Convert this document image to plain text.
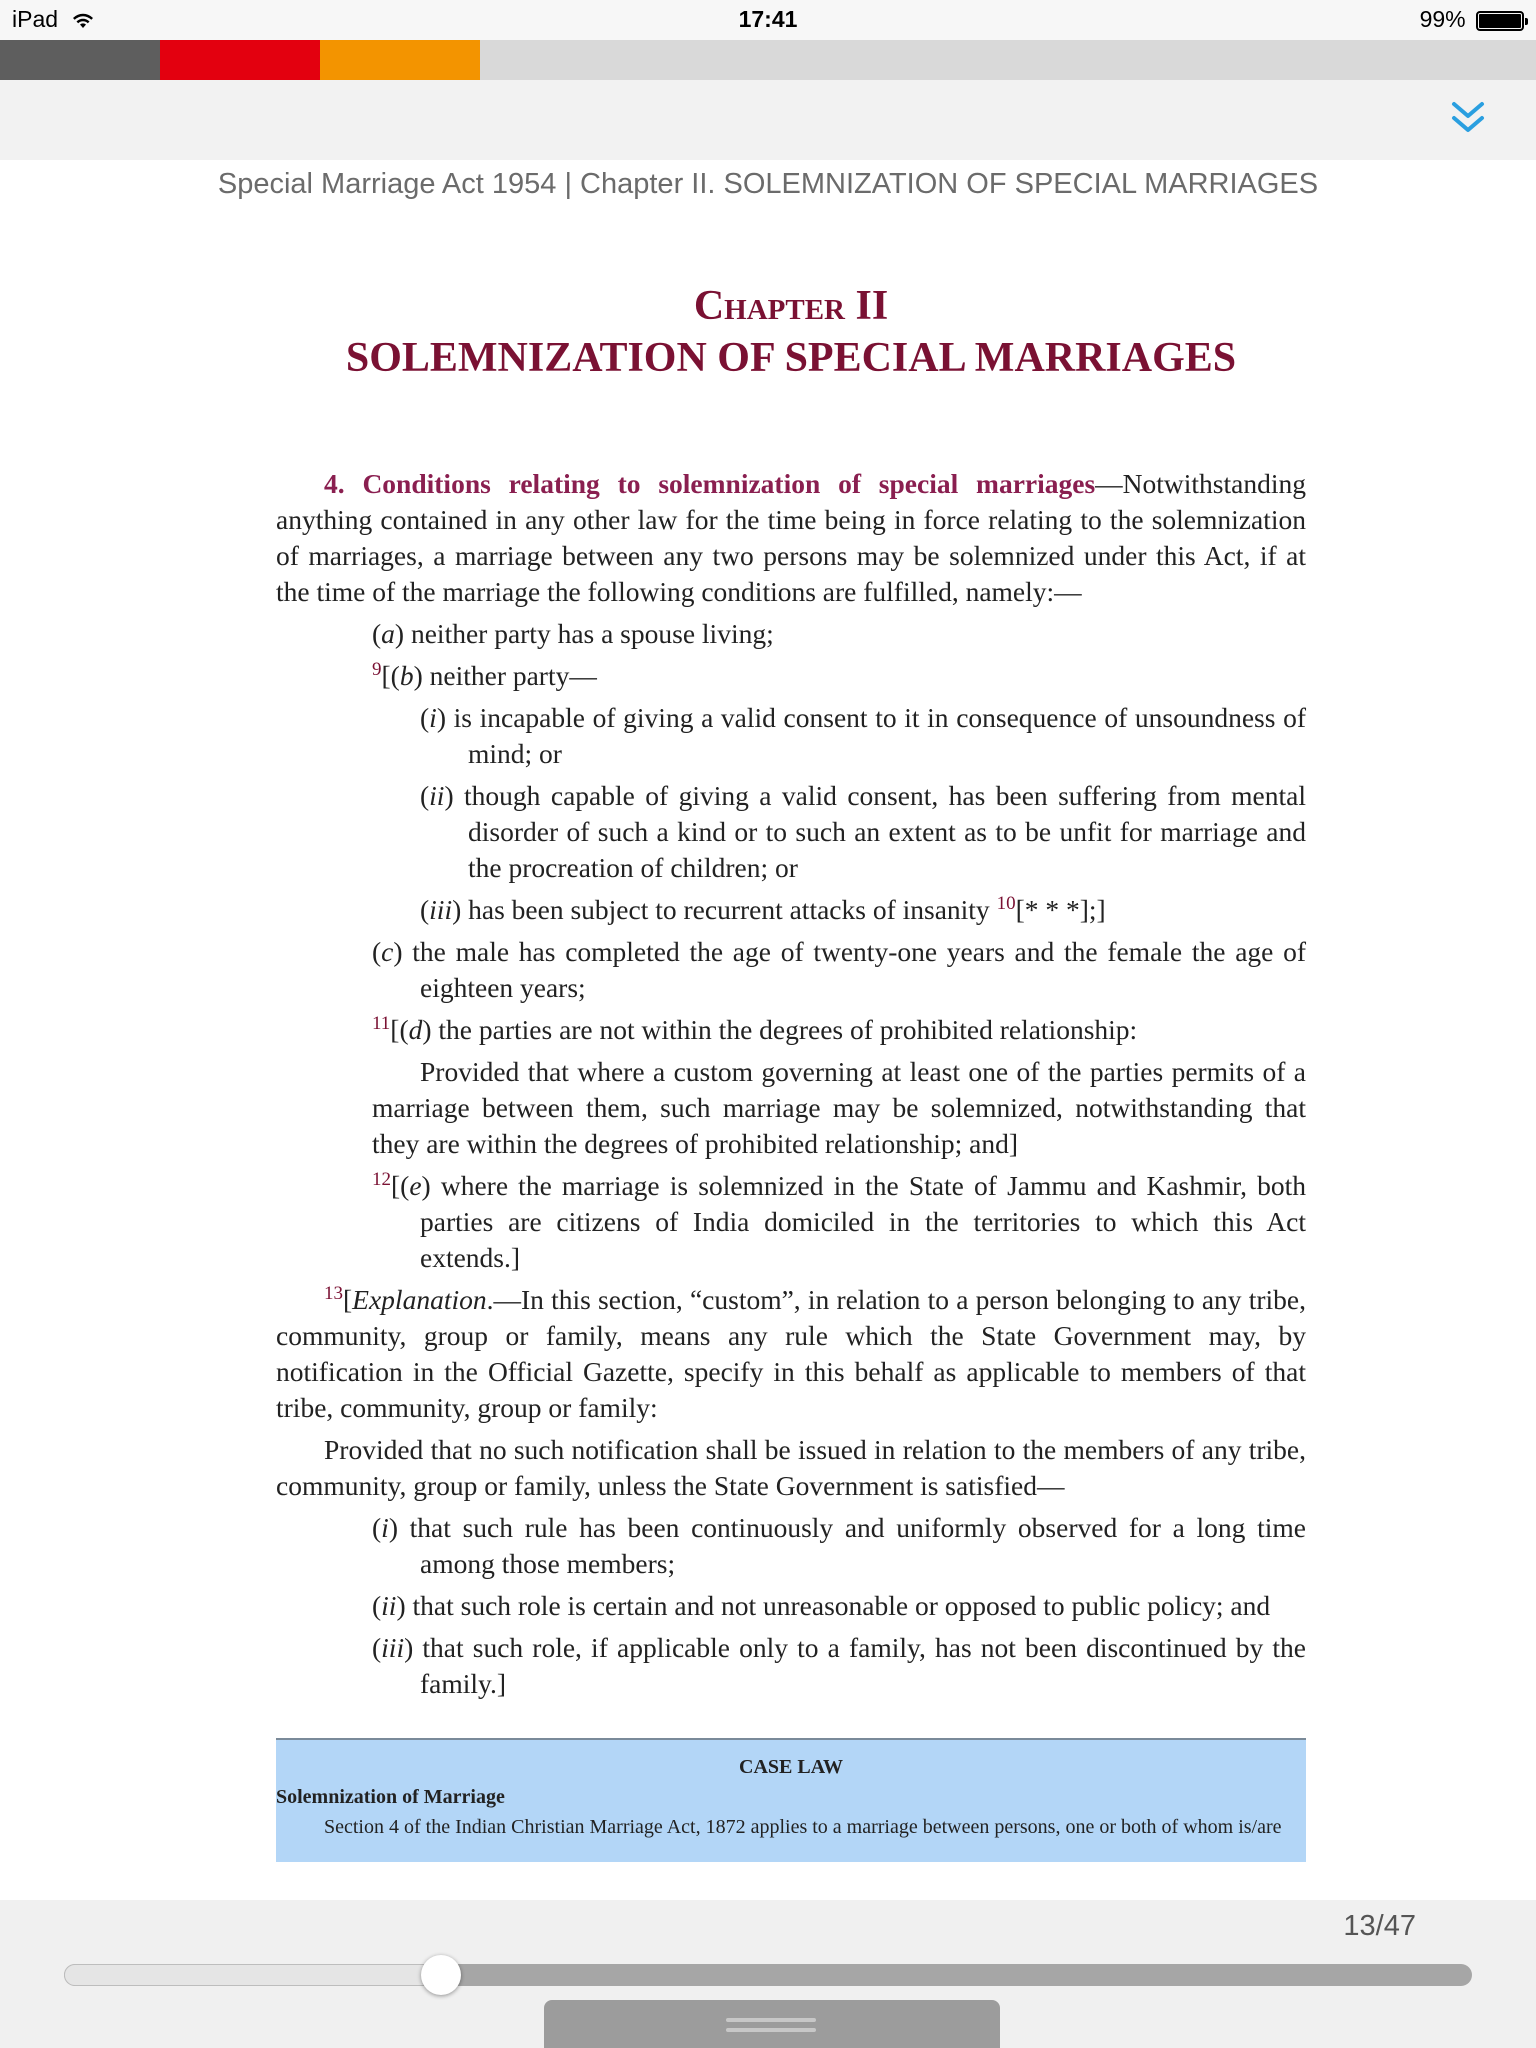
iPad	17:41	99%
Special Marriage Act 1954 | Chapter II. SOLEMNIZATION OF SPECIAL MARRIAGES
Chapter II
SOLEMNIZATION OF SPECIAL MARRIAGES

4. Conditions relating to solemnization of special marriages—Notwithstanding anything contained in any other law for the time being in force relating to the solemnization of marriages, a marriage between any two persons may be solemnized under this Act, if at the time of the marriage the following conditions are fulfilled, namely:—

(a) neither party has a spouse living;

$^9$[(b) neither party—

(i) is incapable of giving a valid consent to it in consequence of unsoundness of mind; or

(ii) though capable of giving a valid consent, has been suffering from mental disorder of such a kind or to such an extent as to be unfit for marriage and the procreation of children; or

(iii) has been subject to recurrent attacks of insanity $^{10}$[* * *];]

(c) the male has completed the age of twenty-one years and the female the age of eighteen years;

$^{11}$[(d) the parties are not within the degrees of prohibited relationship:

Provided that where a custom governing at least one of the parties permits of a marriage between them, such marriage may be solemnized, notwithstanding that they are within the degrees of prohibited relationship; and]

$^{12}$[(e) where the marriage is solemnized in the State of Jammu and Kashmir, both parties are citizens of India domiciled in the territories to which this Act extends.]

$^{13}$[Explanation.—In this section, “custom”, in relation to a person belonging to any tribe, community, group or family, means any rule which the State Government may, by notification in the Official Gazette, specify in this behalf as applicable to members of that tribe, community, group or family:

Provided that no such notification shall be issued in relation to the members of any tribe, community, group or family, unless the State Government is satisfied—

(i) that such rule has been continuously and uniformly observed for a long time among those members;

(ii) that such role is certain and not unreasonable or opposed to public policy; and

(iii) that such role, if applicable only to a family, has not been discontinued by the family.]

CASE LAW
Solemnization of Marriage
Section 4 of the Indian Christian Marriage Act, 1872 applies to a marriage between persons, one or both of whom is/are
13/47
